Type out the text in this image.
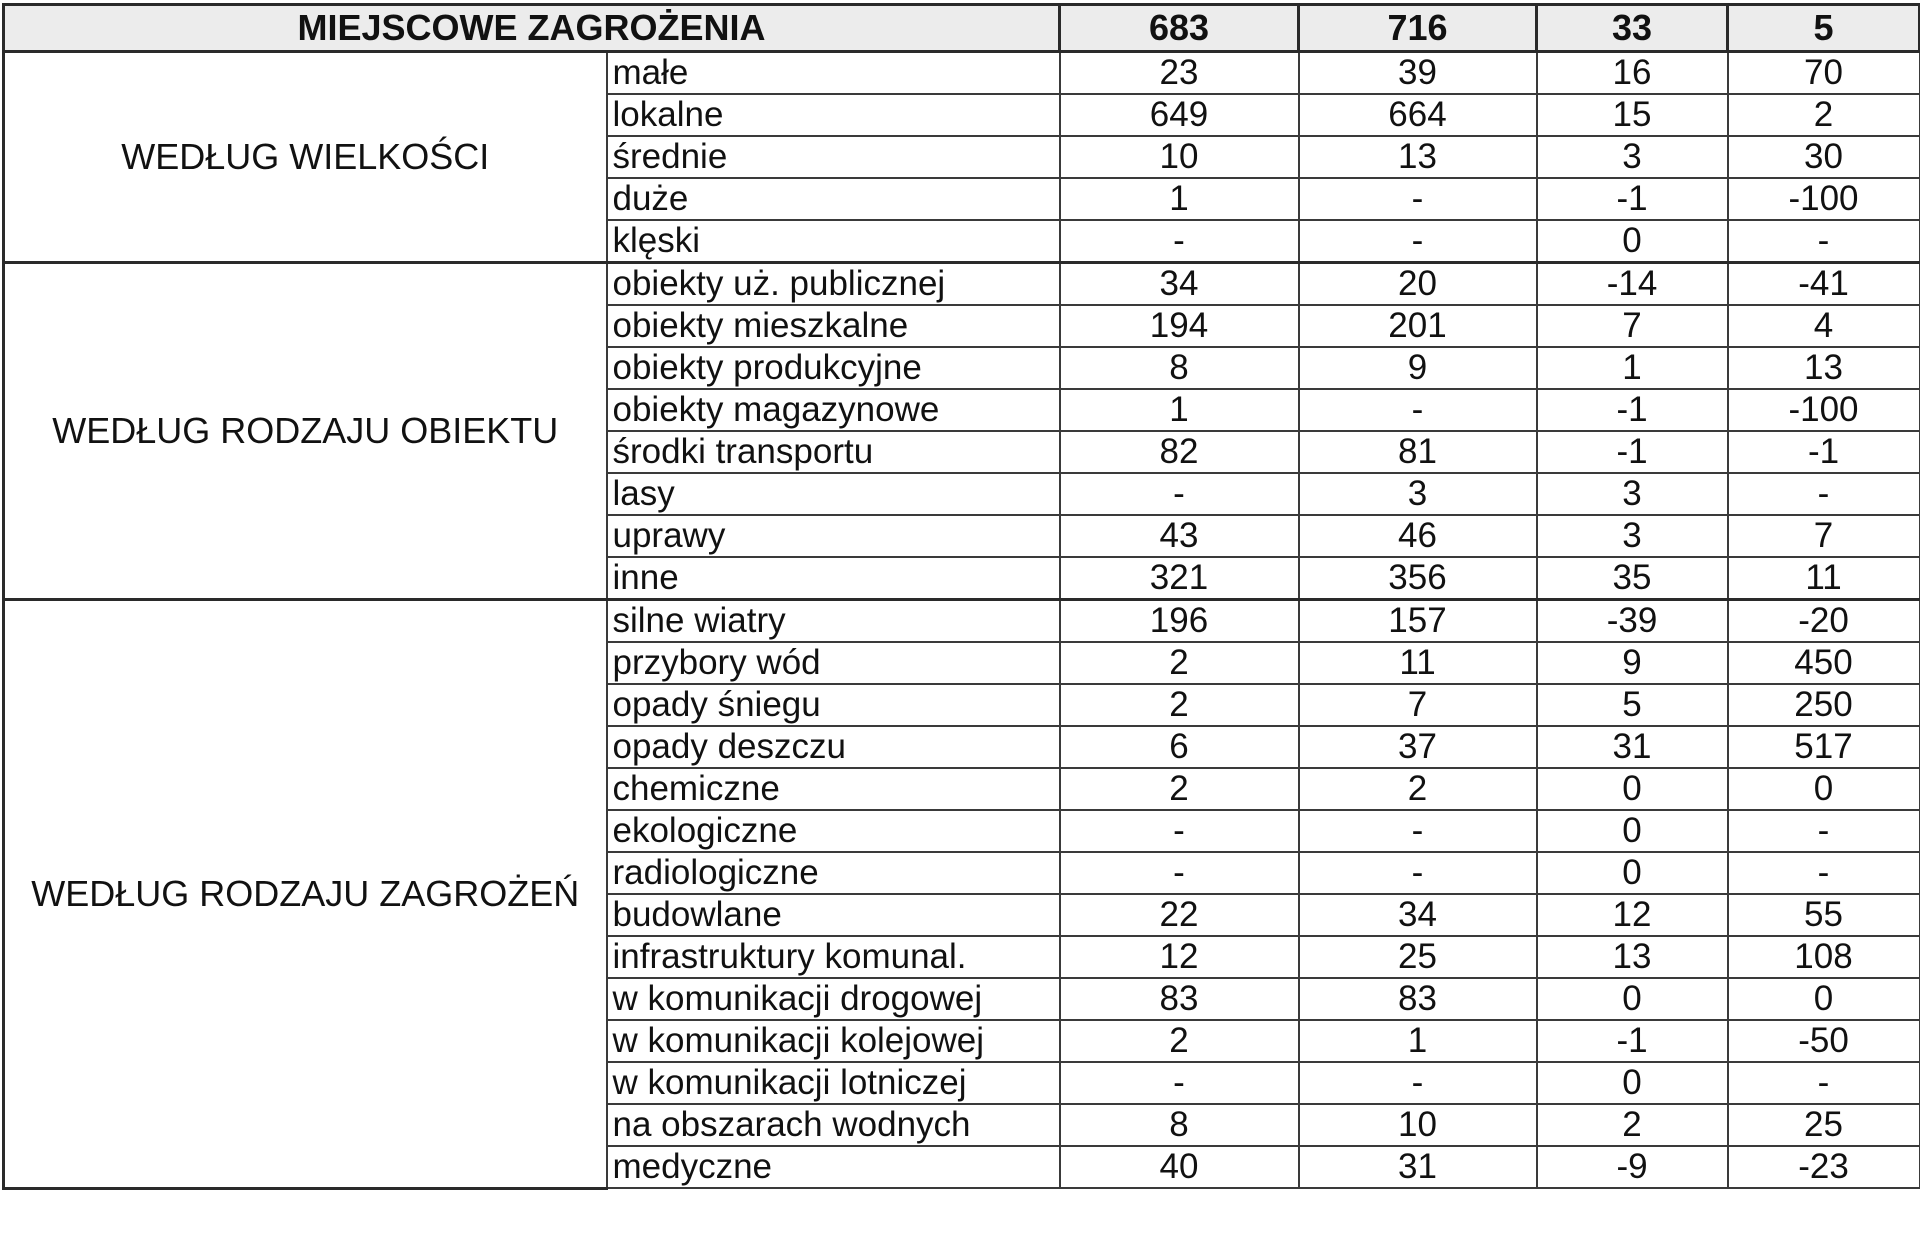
MIEJSCOWE ZAGROŻENIA		683	716	33	5
WEDŁUG WIELKOŚCI	małe	23	39	16	70
	lokalne	649	664	15	2
	średnie	10	13	3	30
	duże	1	-	-1	-100
	klęski	-	-	0	-
WEDŁUG RODZAJU OBIEKTU	obiekty uż. publicznej	34	20	-14	-41
	obiekty mieszkalne	194	201	7	4
	obiekty produkcyjne	8	9	1	13
	obiekty magazynowe	1	-	-1	-100
	środki transportu	82	81	-1	-1
	lasy	-	3	3	-
	uprawy	43	46	3	7
	inne	321	356	35	11
WEDŁUG RODZAJU ZAGROŻEŃ	silne wiatry	196	157	-39	-20
	przybory wód	2	11	9	450
	opady śniegu	2	7	5	250
	opady deszczu	6	37	31	517
	chemiczne	2	2	0	0
	ekologiczne	-	-	0	-
	radiologiczne	-	-	0	-
	budowlane	22	34	12	55
	infrastruktury komunal.	12	25	13	108
	w komunikacji drogowej	83	83	0	0
	w komunikacji kolejowej	2	1	-1	-50
	w komunikacji lotniczej	-	-	0	-
	na obszarach wodnych	8	10	2	25
	medyczne	40	31	-9	-23
